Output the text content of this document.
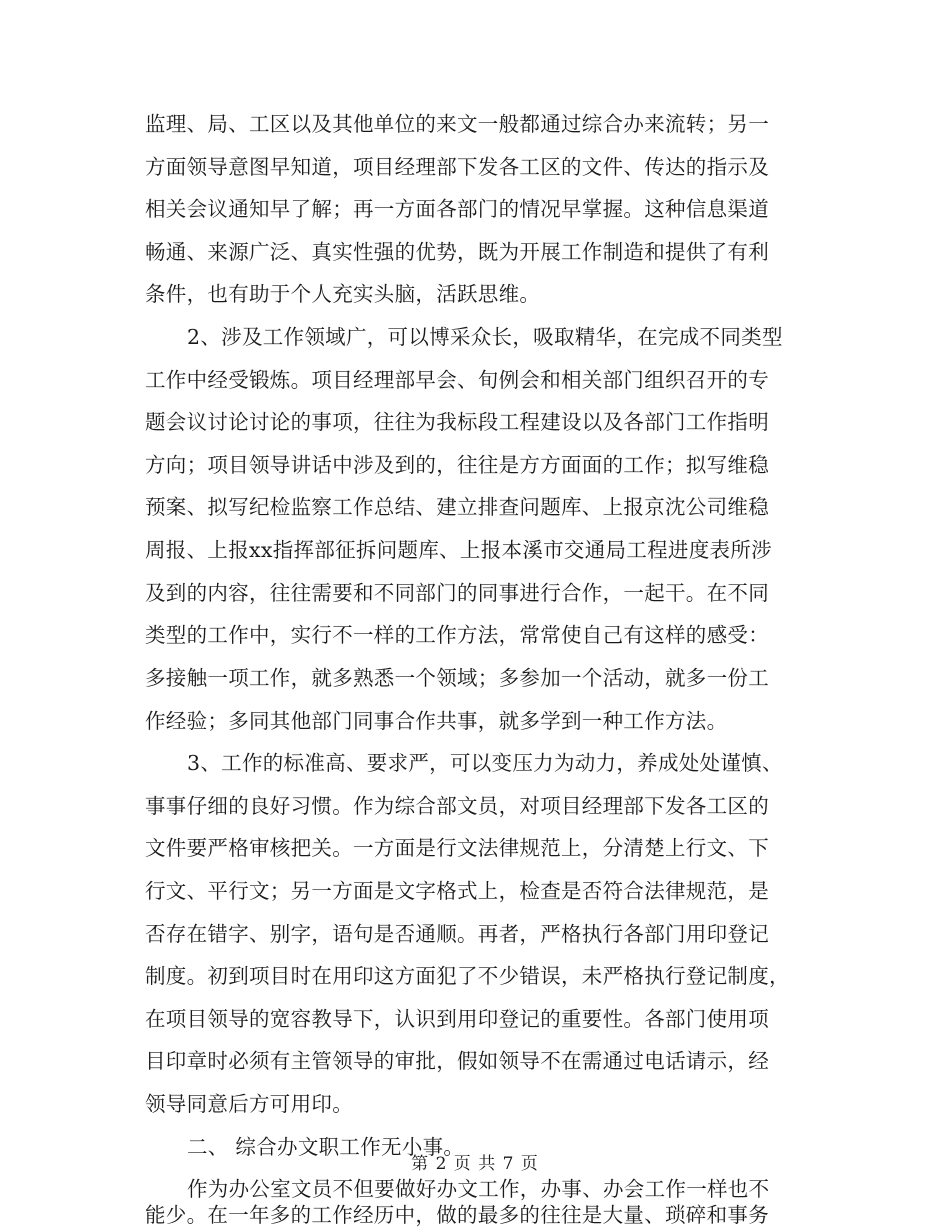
监理、局、工区以及其他单位的来文一般都通过综合办来流转；另一
方面领导意图早知道，项目经理部下发各工区的文件、传达的指示及
相关会议通知早了解；再一方面各部门的情况早掌握。这种信息渠道
畅通、来源广泛、真实性强的优势，既为开展工作制造和提供了有利
条件，也有助于个人充实头脑，活跃思维。
2、涉及工作领域广，可以博采众长，吸取精华，在完成不同类型
工作中经受锻炼。项目经理部早会、旬例会和相关部门组织召开的专
题会议讨论讨论的事项，往往为我标段工程建设以及各部门工作指明
方向；项目领导讲话中涉及到的，往往是方方面面的工作；拟写维稳
预案、拟写纪检监察工作总结、建立排查问题库、上报京沈公司维稳
周报、上报xx指挥部征拆问题库、上报本溪市交通局工程进度表所涉
及到的内容，往往需要和不同部门的同事进行合作，一起干。在不同
类型的工作中，实行不一样的工作方法，常常使自己有这样的感受：
多接触一项工作，就多熟悉一个领域；多参加一个活动，就多一份工
作经验；多同其他部门同事合作共事，就多学到一种工作方法。
3、工作的标准高、要求严，可以变压力为动力，养成处处谨慎、
事事仔细的良好习惯。作为综合部文员，对项目经理部下发各工区的
文件要严格审核把关。一方面是行文法律规范上，分清楚上行文、下
行文、平行文；另一方面是文字格式上，检查是否符合法律规范，是
否存在错字、别字，语句是否通顺。再者，严格执行各部门用印登记
制度。初到项目时在用印这方面犯了不少错误，未严格执行登记制度，
在项目领导的宽容教导下，认识到用印登记的重要性。各部门使用项
目印章时必须有主管领导的审批，假如领导不在需通过电话请示，经
领导同意后方可用印。
二、 综合办文职工作无小事。
作为办公室文员不但要做好办文工作，办事、办会工作一样也不
能少。在一年多的工作经历中，做的最多的往往是大量、琐碎和事务
第 2 页 共 7 页
